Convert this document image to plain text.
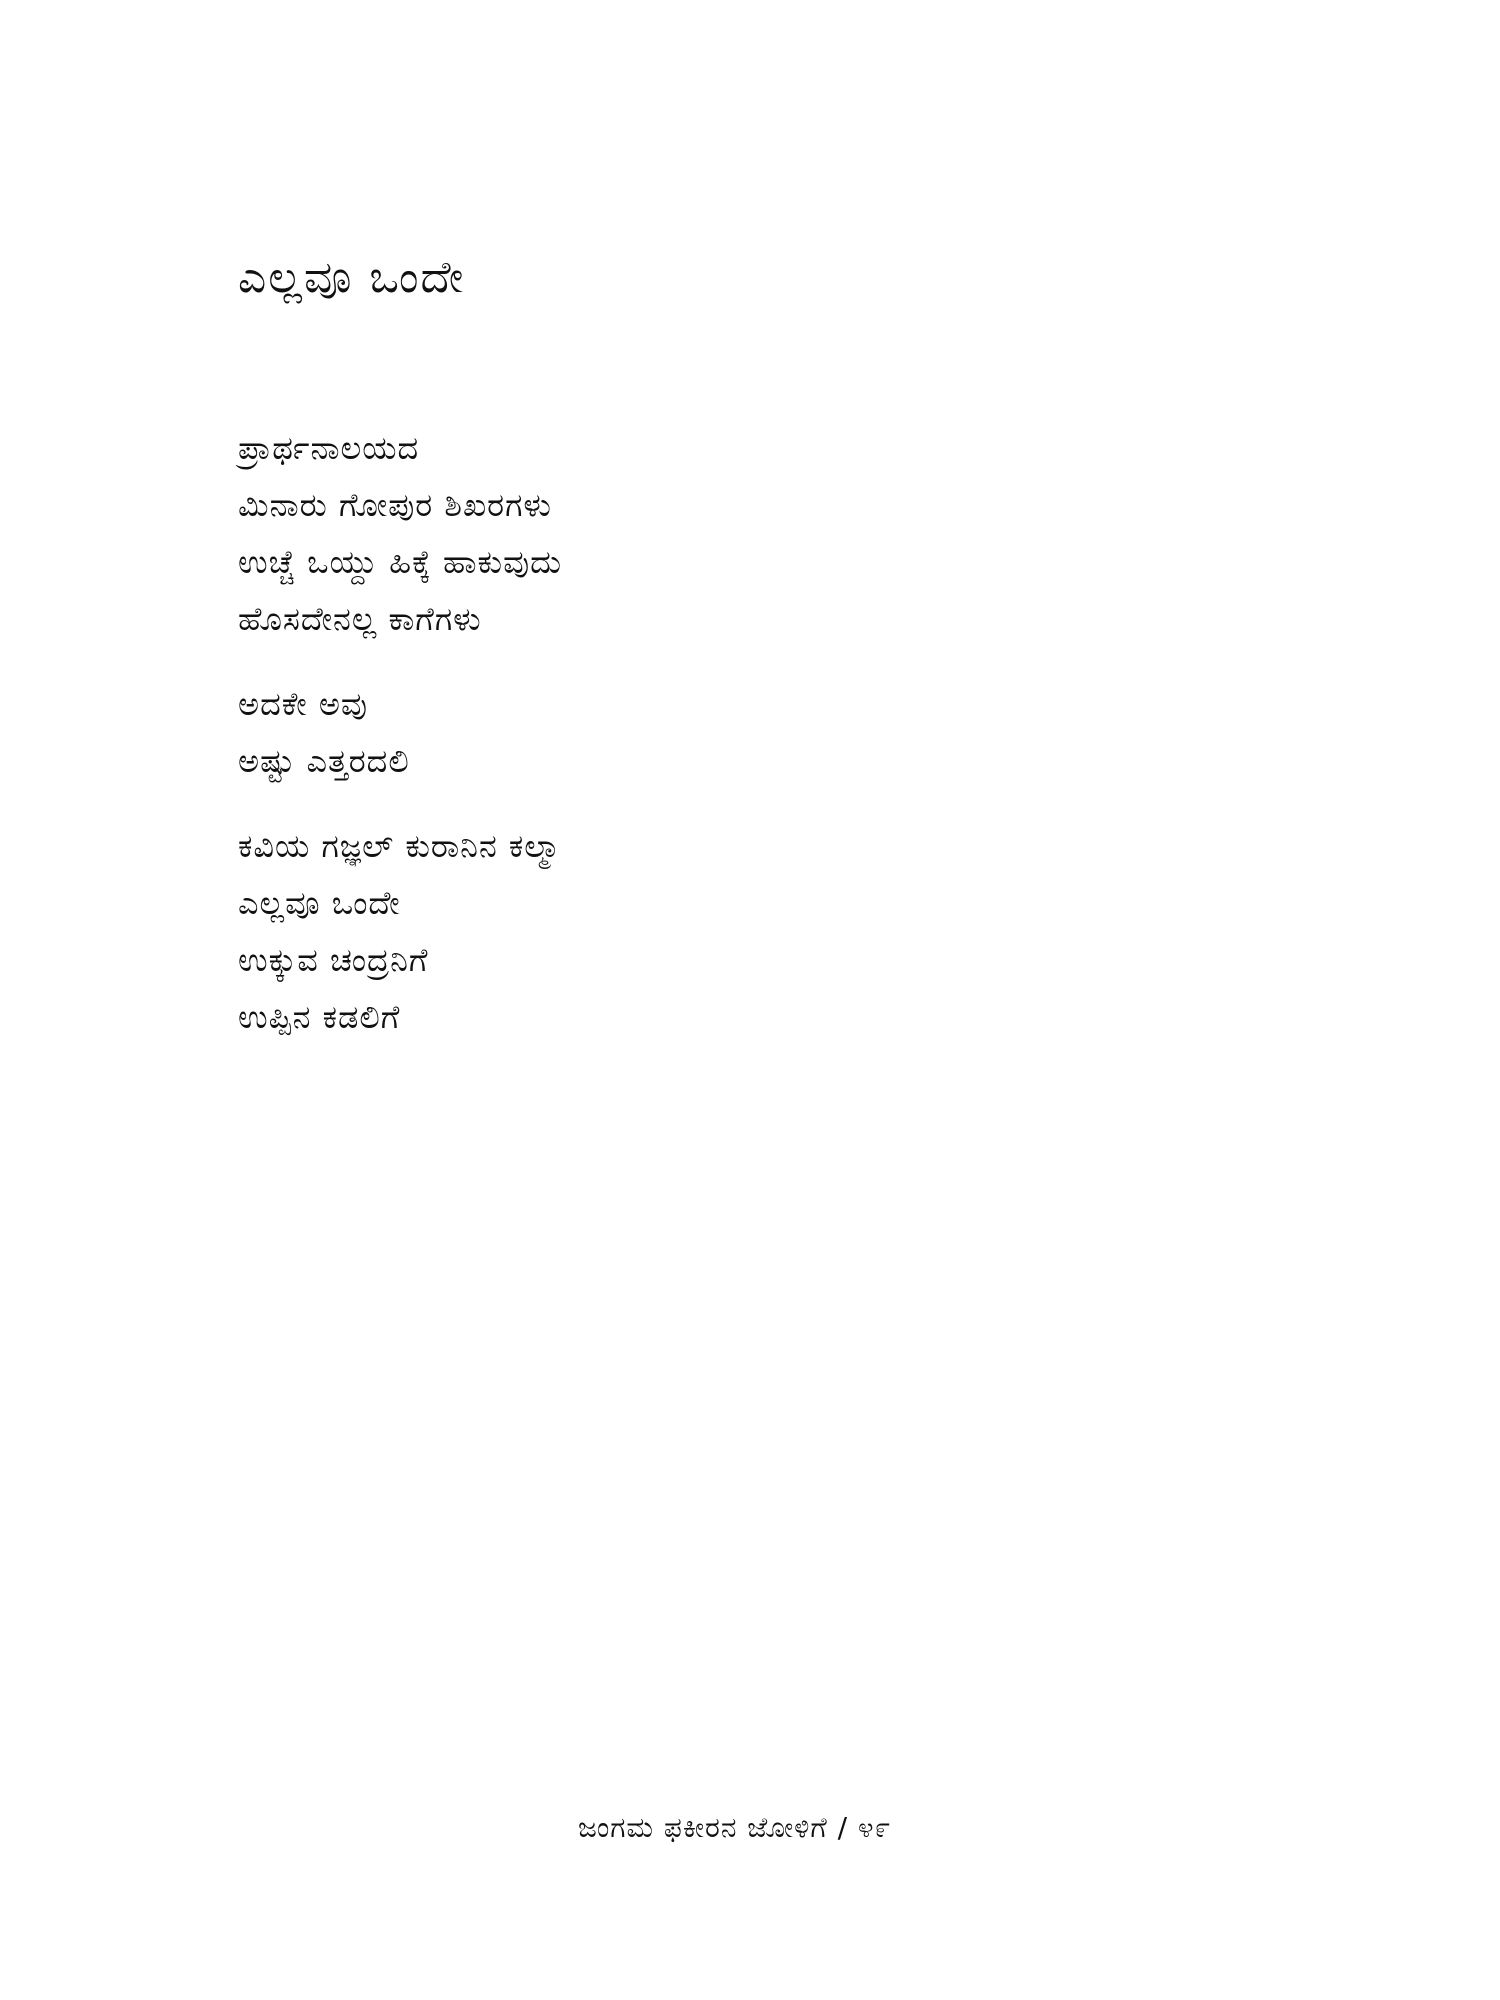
ಎಲ್ಲವೂ ಒಂದೇ
ಪ್ರಾರ್ಥನಾಲಯದ
ಮಿನಾರು ಗೋಪುರ ಶಿಖರಗಳು
ಉಚ್ಚೆ ಒಯ್ದು ಹಿಕ್ಕೆ ಹಾಕುವುದು
ಹೊಸದೇನಲ್ಲ ಕಾಗೆಗಳು
ಅದಕೇ ಅವು
ಅಷ್ಟು ಎತ್ತರದಲಿ
ಕವಿಯ ಗಜ್ಞಲ್ ಕುರಾನಿನ ಕಲ್ಮಾ
ಎಲ್ಲವೂ ಒಂದೇ
ಉಕ್ಕುವ ಚಂದ್ರನಿಗೆ
ಉಪ್ಪಿನ ಕಡಲಿಗೆ
ಜಂಗಮ ಫಕೀರನ ಜೋಳಿಗೆ / ೪೯
